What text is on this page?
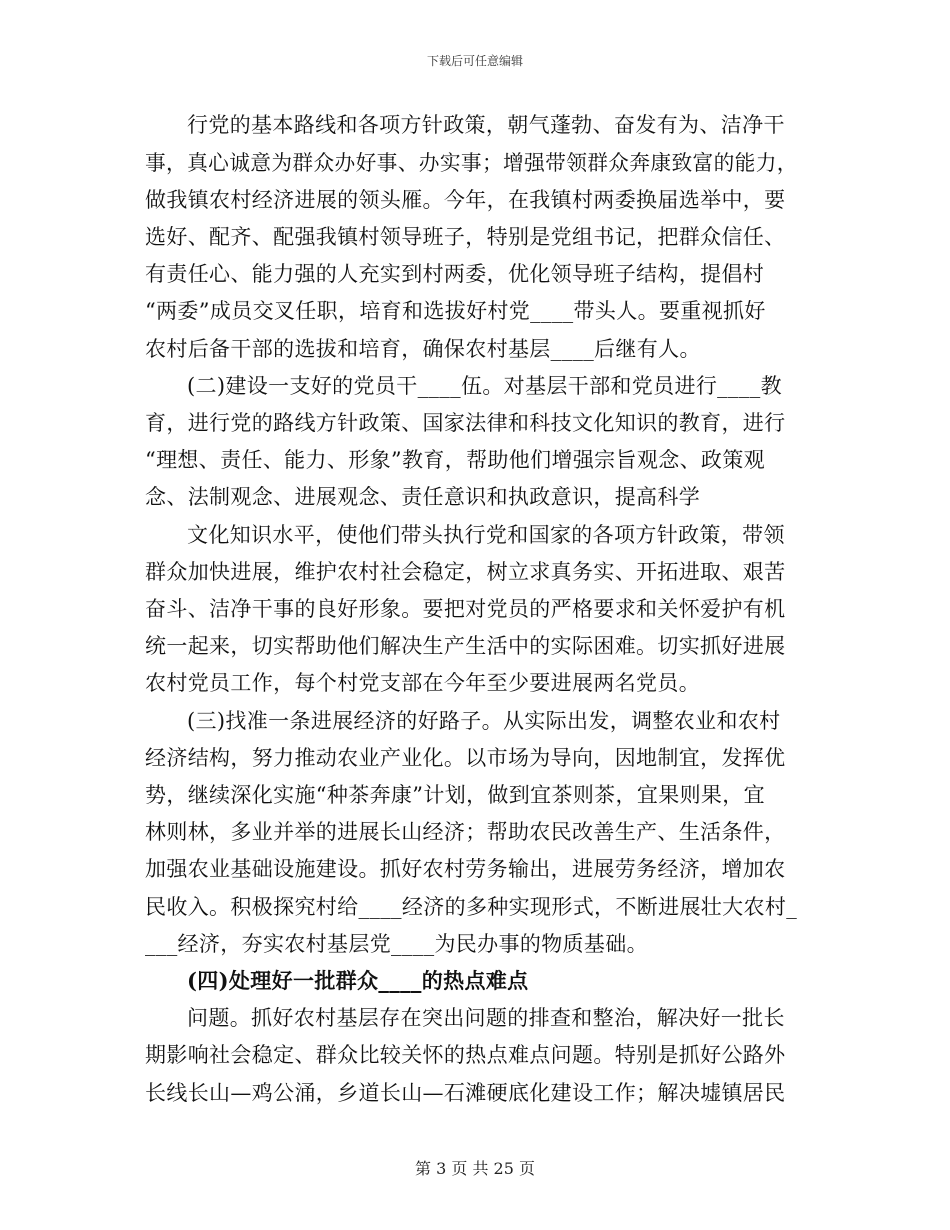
下载后可任意编辑
行党的基本路线和各项方针政策，朝气蓬勃、奋发有为、洁净干
事，真心诚意为群众办好事、办实事；增强带领群众奔康致富的能力，
做我镇农村经济进展的领头雁。今年，在我镇村两委换届选举中，要
选好、配齐、配强我镇村领导班子，特别是党组书记，把群众信任、
有责任心、能力强的人充实到村两委，优化领导班子结构，提倡村
“两委”成员交叉任职，培育和选拔好村党____带头人。要重视抓好
农村后备干部的选拔和培育，确保农村基层____后继有人。
(二)建设一支好的党员干____伍。对基层干部和党员进行____教
育，进行党的路线方针政策、国家法律和科技文化知识的教育，进行
“理想、责任、能力、形象”教育，帮助他们增强宗旨观念、政策观
念、法制观念、进展观念、责任意识和执政意识，提高科学
文化知识水平，使他们带头执行党和国家的各项方针政策，带领
群众加快进展，维护农村社会稳定，树立求真务实、开拓进取、艰苦
奋斗、洁净干事的良好形象。要把对党员的严格要求和关怀爱护有机
统一起来，切实帮助他们解决生产生活中的实际困难。切实抓好进展
农村党员工作，每个村党支部在今年至少要进展两名党员。
(三)找准一条进展经济的好路子。从实际出发，调整农业和农村
经济结构，努力推动农业产业化。以市场为导向，因地制宜，发挥优
势，继续深化实施“种茶奔康”计划，做到宜茶则茶，宜果则果，宜
林则林，多业并举的进展长山经济；帮助农民改善生产、生活条件，
加强农业基础设施建设。抓好农村劳务输出，进展劳务经济，增加农
民收入。积极探究村给____经济的多种实现形式，不断进展壮大农村_
___经济，夯实农村基层党____为民办事的物质基础。
(四)处理好一批群众____的热点难点
问题。抓好农村基层存在突出问题的排查和整治，解决好一批长
期影响社会稳定、群众比较关怀的热点难点问题。特别是抓好公路外
长线长山—鸡公涌，乡道长山—石滩硬底化建设工作；解决墟镇居民
第 3 页 共 25 页
